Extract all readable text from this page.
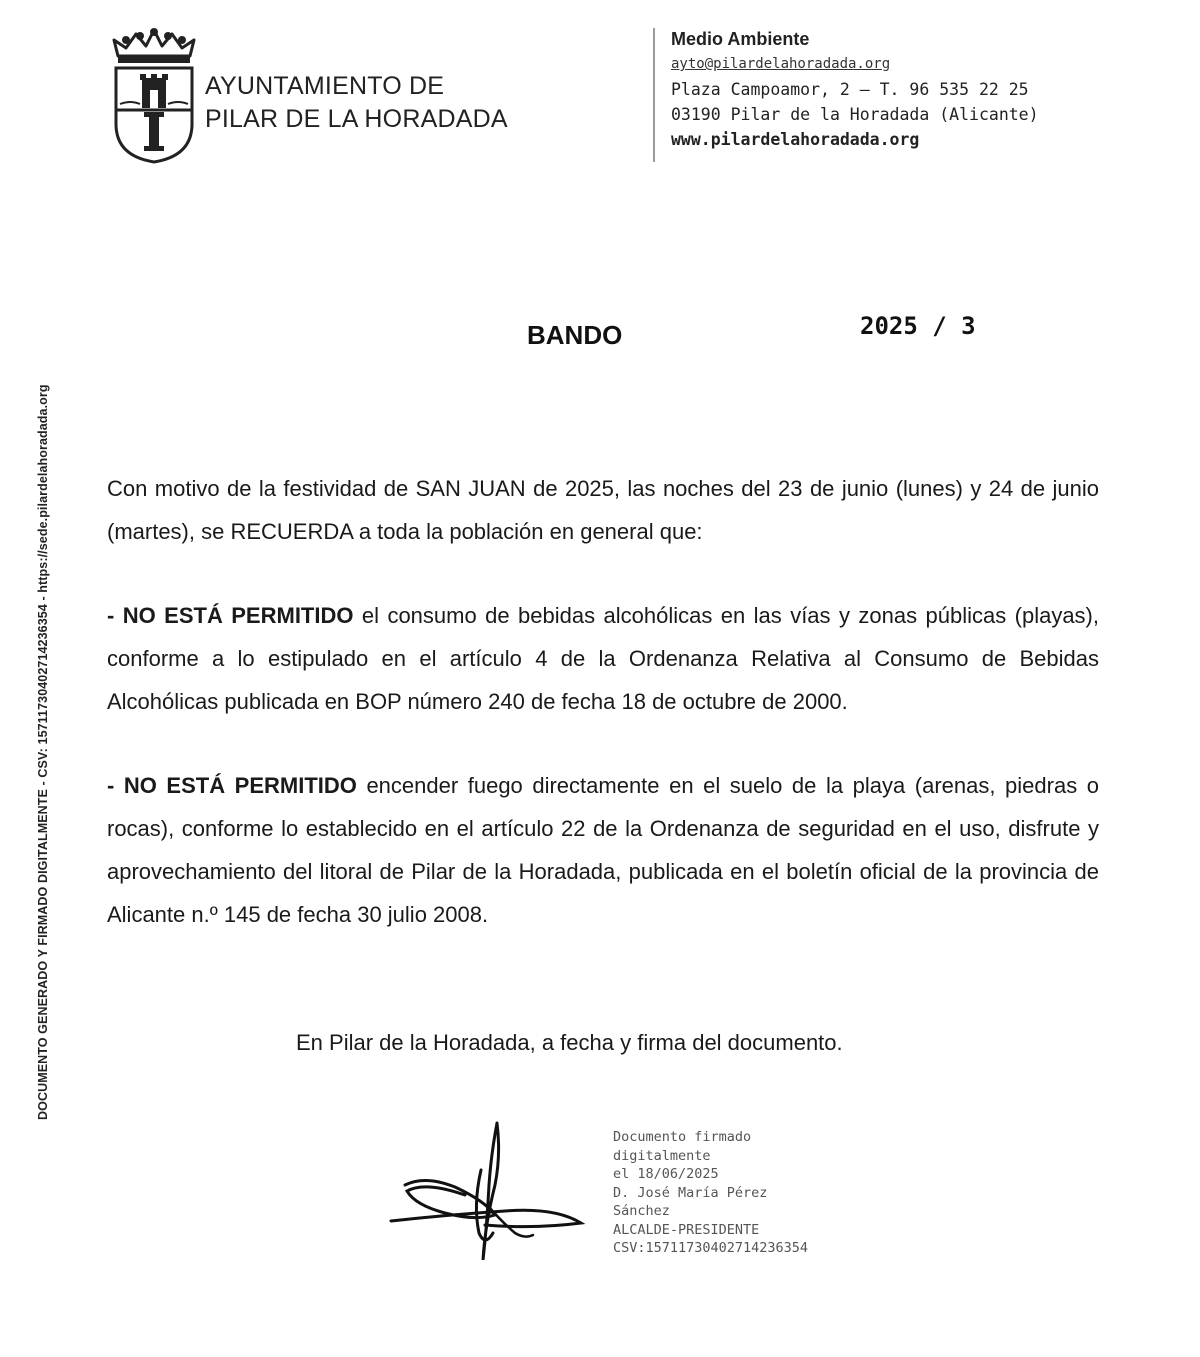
AYUNTAMIENTO DE
PILAR DE LA HORADADA
Medio Ambiente
ayto@pilardelahoradada.org
Plaza Campoamor, 2 – T. 96 535 22 25
03190 Pilar de la Horadada (Alicante)
www.pilardelahoradada.org
DOCUMENTO GENERADO Y FIRMADO DIGITALMENTE - CSV: 15711730402714236354 - https://sede.pilardelahoradada.org
BANDO	2025 / 3
Con motivo de la festividad de SAN JUAN de 2025, las noches del 23 de junio (lunes) y 24 de junio (martes), se RECUERDA a toda la población en general que:
- NO ESTÁ PERMITIDO el consumo de bebidas alcohólicas en las vías y zonas públicas (playas), conforme a lo estipulado en el artículo 4 de la Ordenanza Relativa al Consumo de Bebidas Alcohólicas publicada en BOP número 240 de fecha 18 de octubre de 2000.
- NO ESTÁ PERMITIDO encender fuego directamente en el suelo de la playa (arenas, piedras o rocas), conforme lo establecido en el artículo 22 de la Ordenanza de seguridad en el uso, disfrute y aprovechamiento del litoral de Pilar de la Horadada, publicada en el boletín oficial de la provincia de Alicante n.º 145 de fecha 30 julio 2008.
En Pilar de la Horadada, a fecha y firma del documento.
Documento firmado
digitalmente
el 18/06/2025
D. José María Pérez
Sánchez
ALCALDE-PRESIDENTE
CSV:15711730402714236354
